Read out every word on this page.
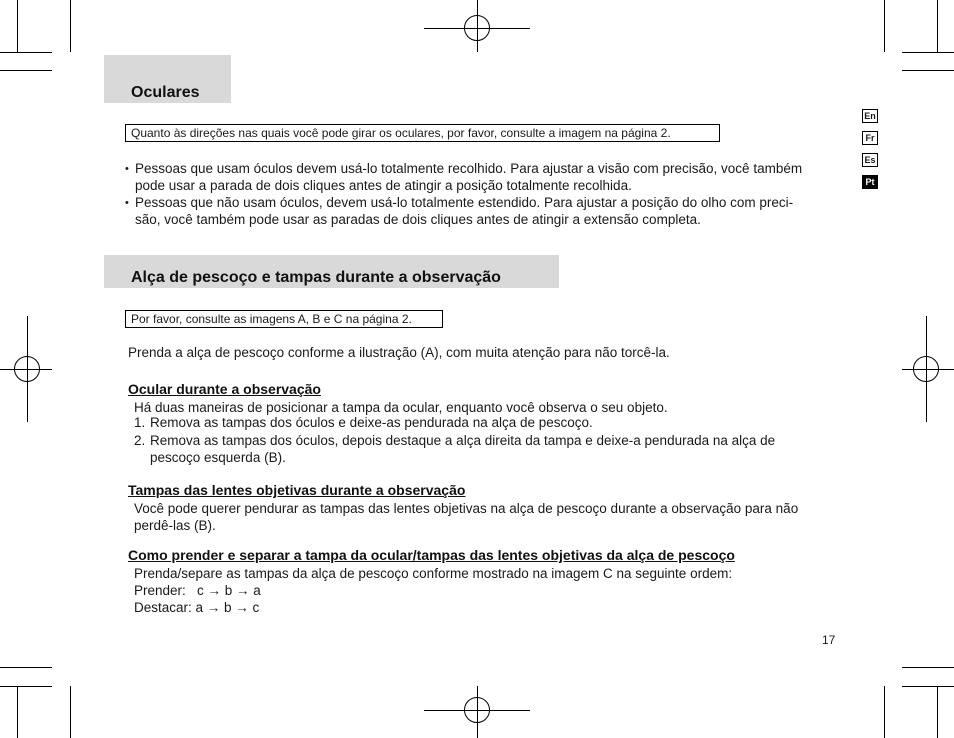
En
Fr
Es
Pt
Oculares
Quanto às direções nas quais você pode girar os oculares, por favor, consulte a imagem na página 2.
• Pessoas que usam óculos devem usá-lo totalmente recolhido. Para ajustar a visão com precisão, você também
pode usar a parada de dois cliques antes de atingir a posição totalmente recolhida.
• Pessoas que não usam óculos, devem usá-lo totalmente estendido. Para ajustar a posição do olho com preci-
são, você também pode usar as paradas de dois cliques antes de atingir a extensão completa.
Alça de pescoço e tampas durante a observação
Por favor, consulte as imagens A, B e C na página 2.
Prenda a alça de pescoço conforme a ilustração (A), com muita atenção para não torcê-la.
Ocular durante a observação
Há duas maneiras de posicionar a tampa da ocular, enquanto você observa o seu objeto.
1. Remova as tampas dos óculos e deixe-as pendurada na alça de pescoço.
2. Remova as tampas dos óculos, depois destaque a alça direita da tampa e deixe-a pendurada na alça de
pescoço esquerda (B).
Tampas das lentes objetivas durante a observação
Você pode querer pendurar as tampas das lentes objetivas na alça de pescoço durante a observação para não
perdê-las (B).
Como prender e separar a tampa da ocular/tampas das lentes objetivas da alça de pescoço
Prenda/separe as tampas da alça de pescoço conforme mostrado na imagem C na seguinte ordem:
Prender:   c → b → a
Destacar: a → b → c
17
